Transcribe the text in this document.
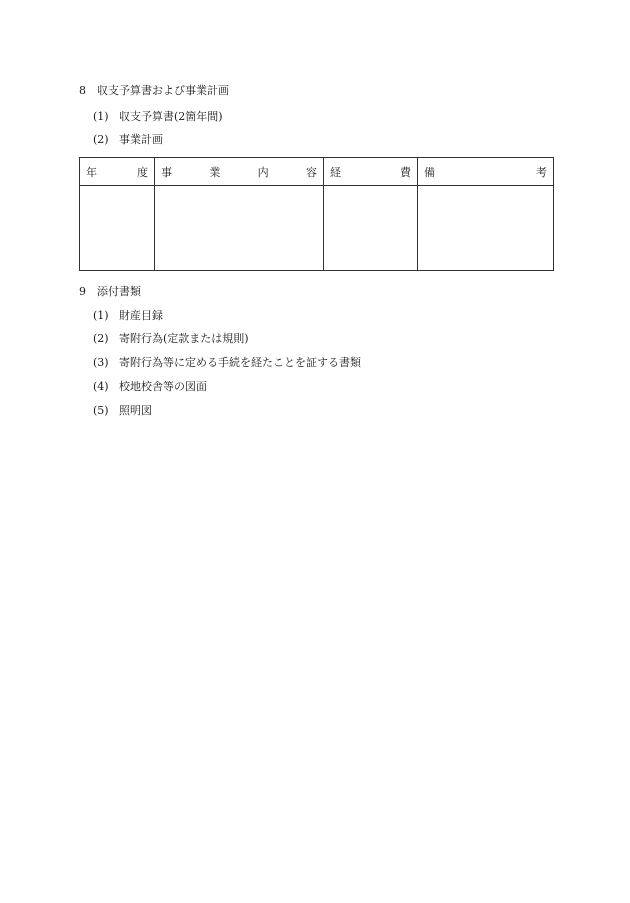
8 収支予算書および事業計画
(1) 収支予算書(2箇年間)
(2) 事業計画
年 度	事 業 内 容	経 費	備 考

9 添付書類
(1) 財産目録
(2) 寄附行為(定款または規則)
(3) 寄附行為等に定める手続を経たことを証する書類
(4) 校地校舎等の図面
(5) 照明図
